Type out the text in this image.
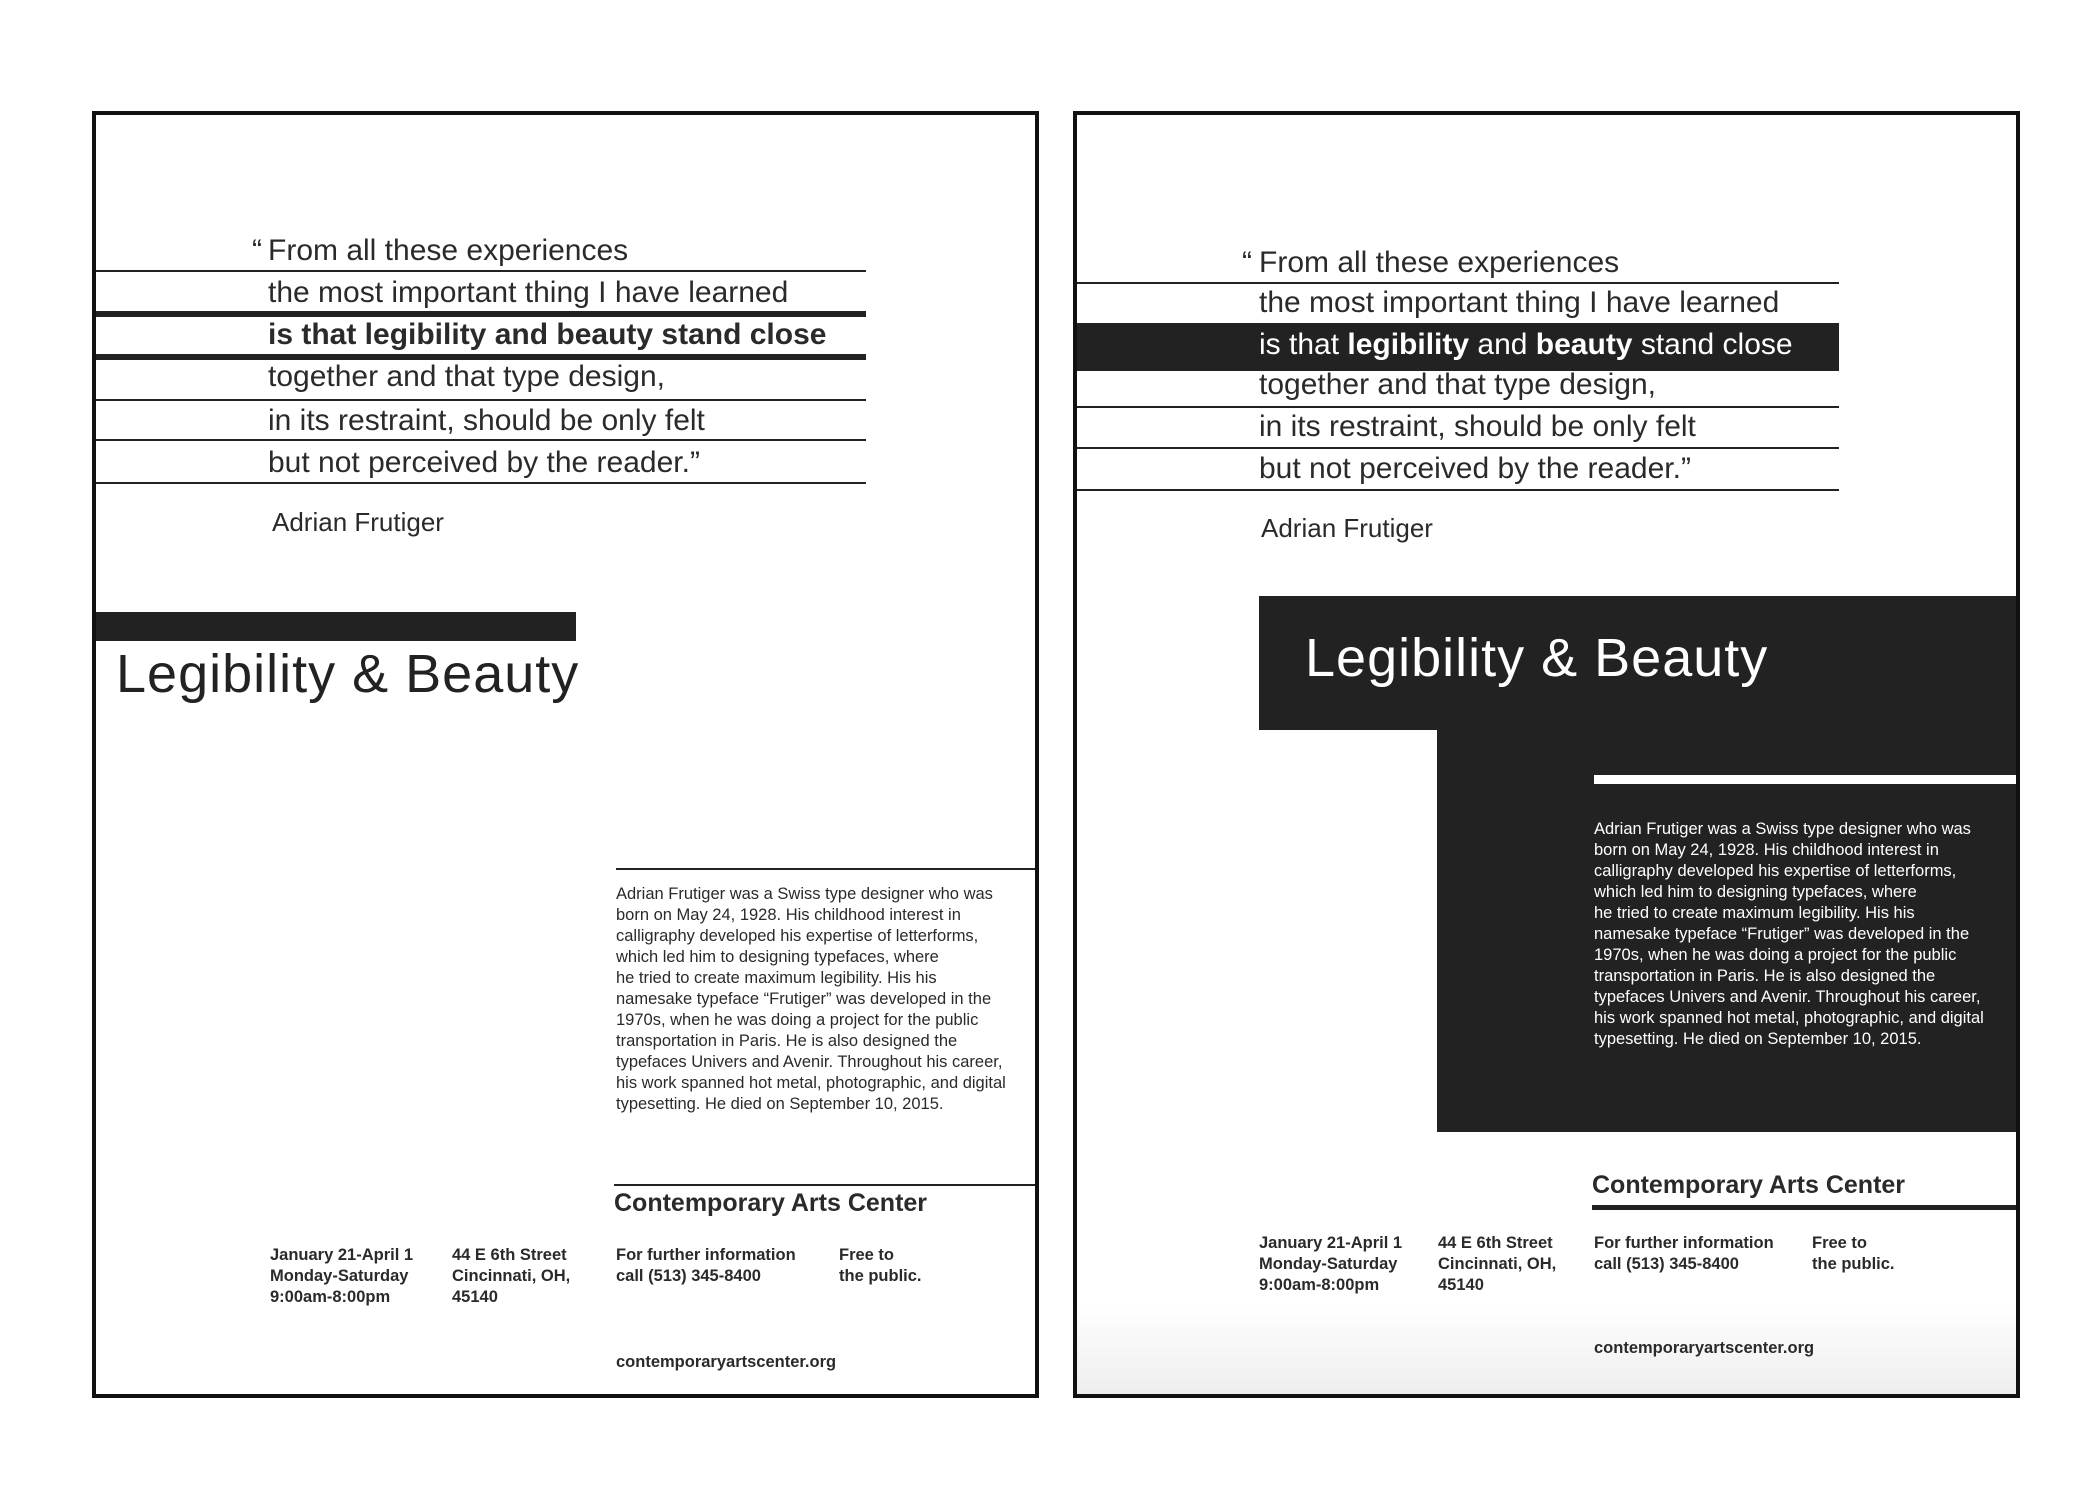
“ From all these experiences
the most important thing I have learned
is that legibility and beauty stand close
together and that type design,
in its restraint, should be only felt
but not perceived by the reader.”
Adrian Frutiger
Legibility & Beauty
Adrian Frutiger was a Swiss type designer who was
born on May 24, 1928. His childhood interest in
calligraphy developed his expertise of letterforms,
which led him to designing typefaces, where
he tried to create maximum legibility. His his
namesake typeface “Frutiger” was developed in the
1970s, when he was doing a project for the public
transportation in Paris. He is also designed the
typefaces Univers and Avenir. Throughout his career,
his work spanned hot metal, photographic, and digital
typesetting. He died on September 10, 2015.
Contemporary Arts Center
January 21-April 1
Monday-Saturday
9:00am-8:00pm
44 E 6th Street
Cincinnati, OH,
45140
For further information
call (513) 345-8400
Free to
the public.
contemporaryartscenter.org
“ From all these experiences
the most important thing I have learned
is that legibility and beauty stand close
together and that type design,
in its restraint, should be only felt
but not perceived by the reader.”
Adrian Frutiger
Legibility & Beauty
Adrian Frutiger was a Swiss type designer who was
born on May 24, 1928. His childhood interest in
calligraphy developed his expertise of letterforms,
which led him to designing typefaces, where
he tried to create maximum legibility. His his
namesake typeface “Frutiger” was developed in the
1970s, when he was doing a project for the public
transportation in Paris. He is also designed the
typefaces Univers and Avenir. Throughout his career,
his work spanned hot metal, photographic, and digital
typesetting. He died on September 10, 2015.
Contemporary Arts Center
January 21-April 1
Monday-Saturday
9:00am-8:00pm
44 E 6th Street
Cincinnati, OH,
45140
For further information
call (513) 345-8400
Free to
the public.
contemporaryartscenter.org
